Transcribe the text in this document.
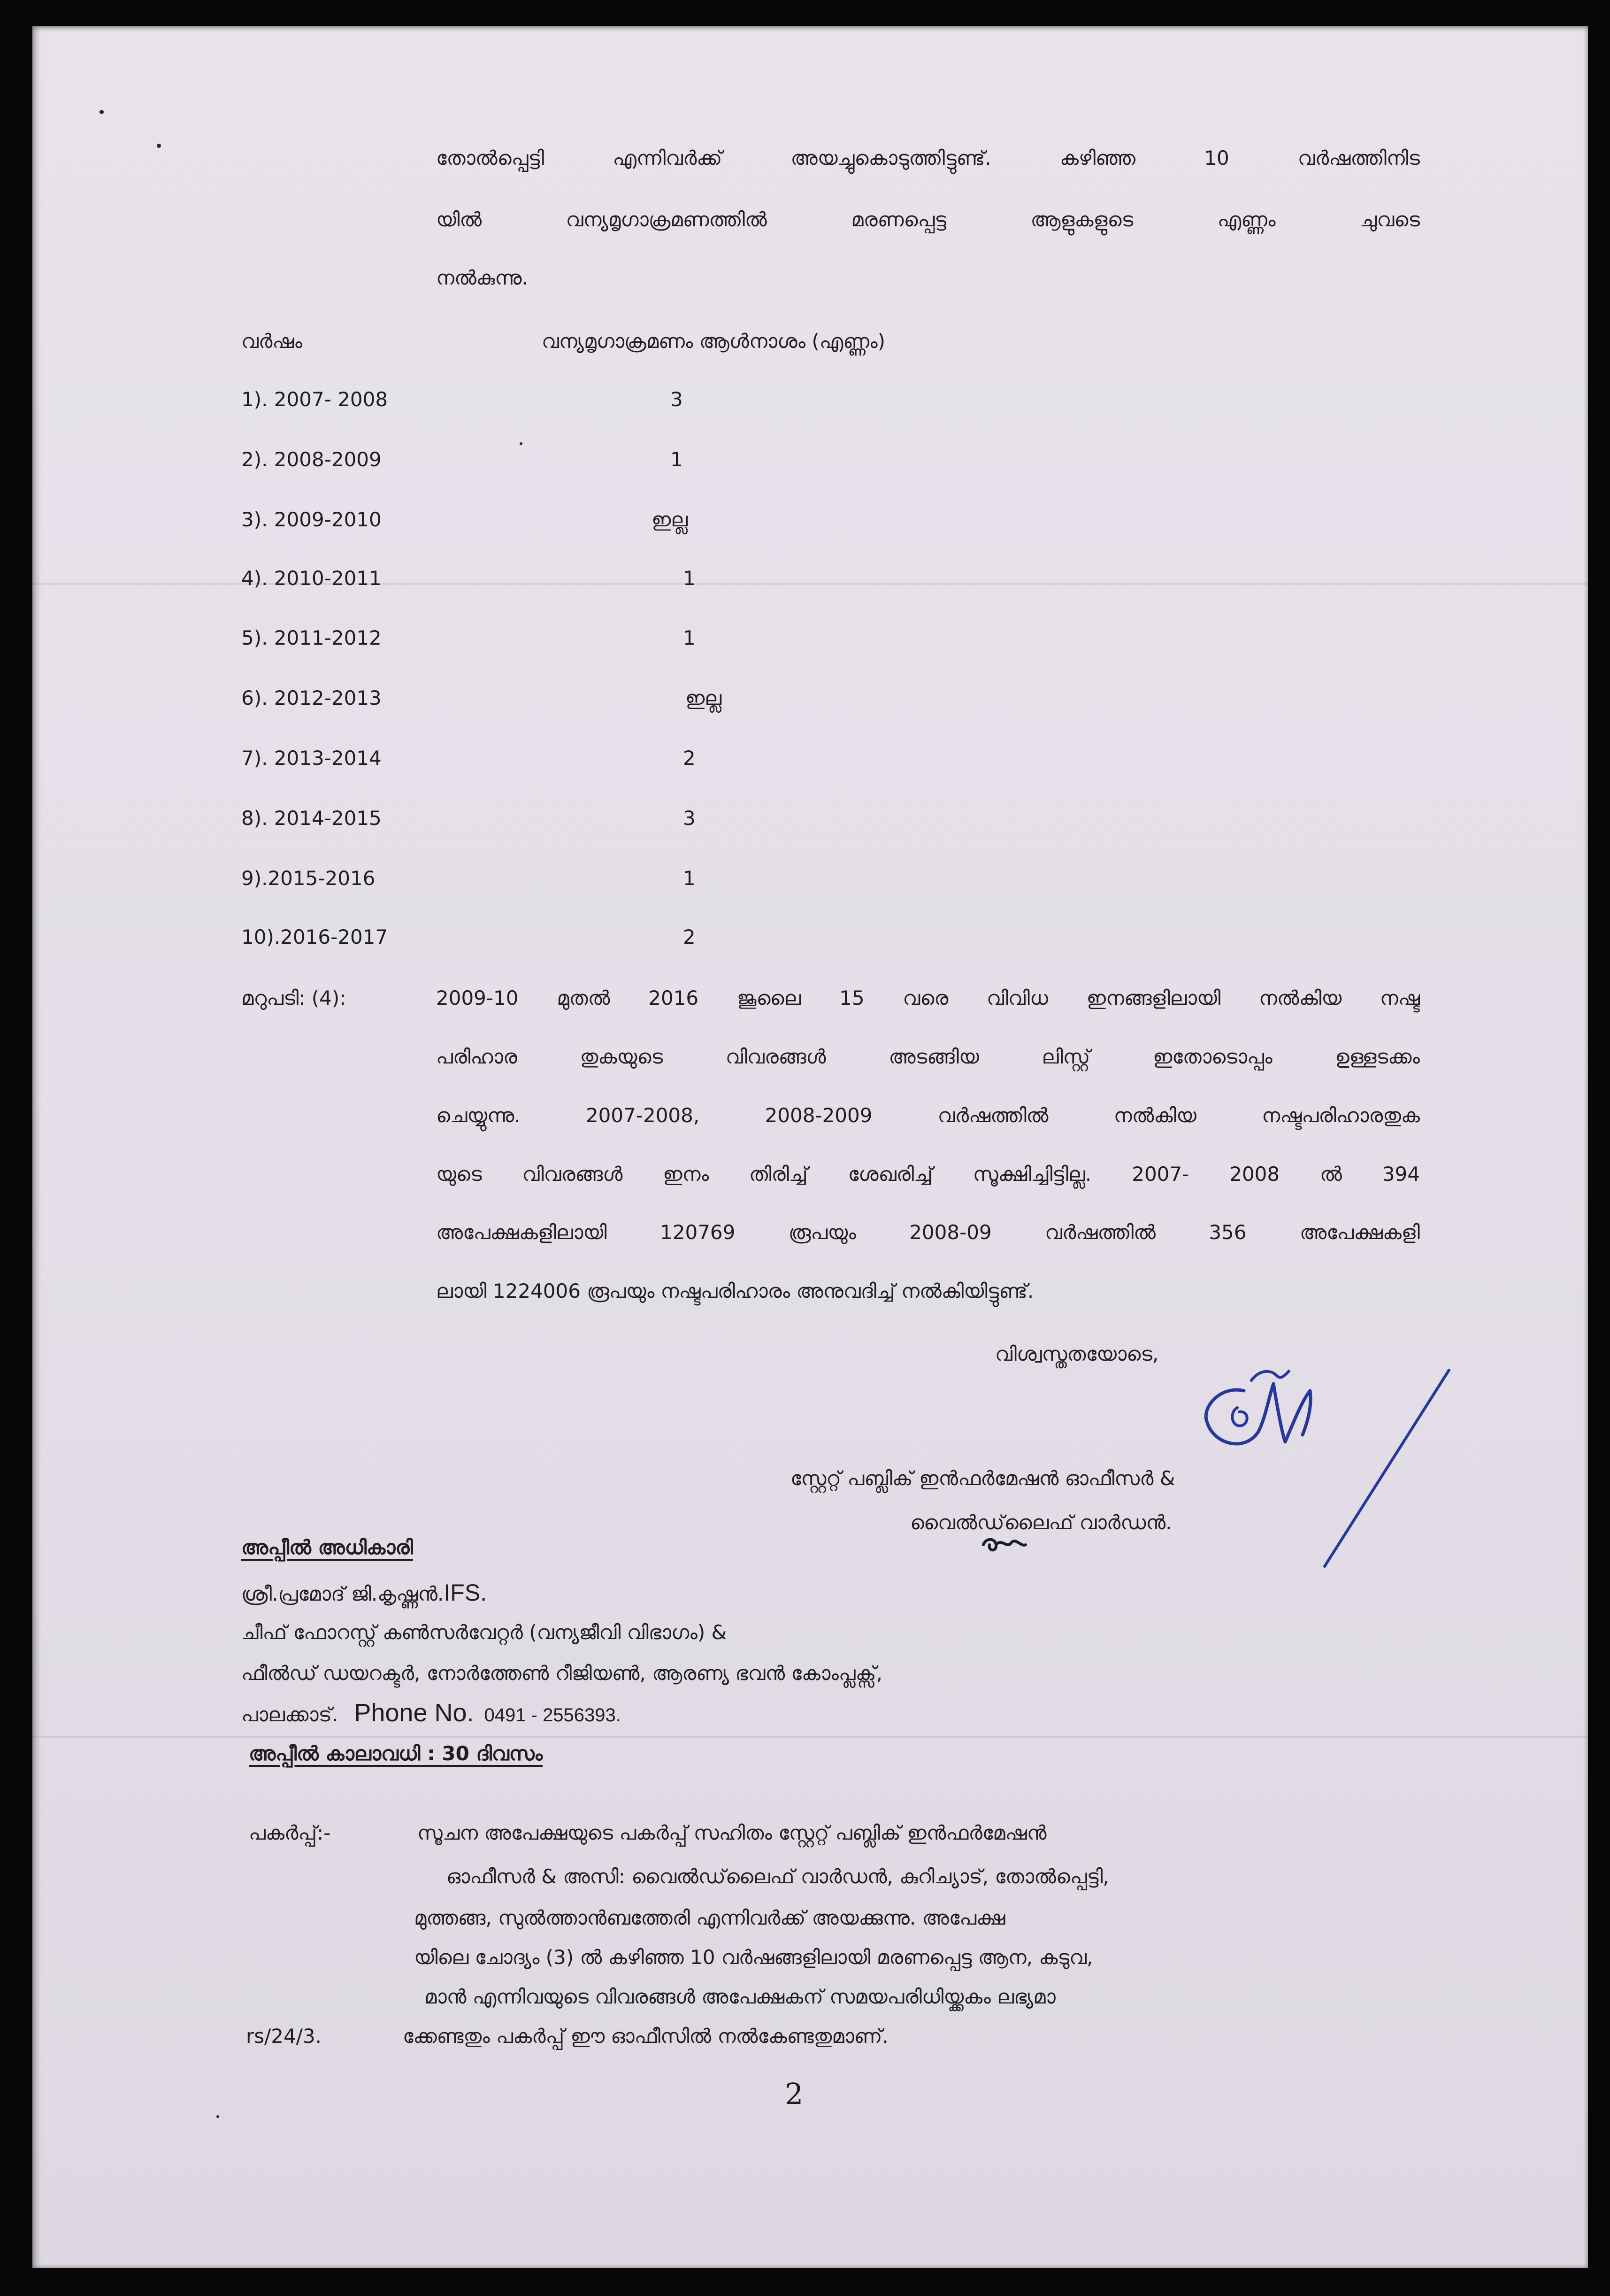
തോൽപ്പെട്ടി എന്നിവർക്ക് അയച്ചുകൊടുത്തിട്ടുണ്ട്. കഴിഞ്ഞ 10 വർഷത്തിനിട
യിൽ വന്യമൃഗാക്രമണത്തിൽ മരണപ്പെട്ട ആളുകളുടെ എണ്ണം ചുവടെ
നൽകുന്നു.
വർഷം	വന്യമൃഗാക്രമണം ആൾനാശം (എണ്ണം)
1). 2007- 2008	3
2). 2008-2009	1
3). 2009-2010	ഇല്ല
4). 2010-2011	1
5). 2011-2012	1
6). 2012-2013	ഇല്ല
7). 2013-2014	2
8). 2014-2015	3
9).2015-2016	1
10).2016-2017	2
മറുപടി: (4):	2009-10 മുതൽ 2016 ജൂലൈ 15 വരെ വിവിധ ഇനങ്ങളിലായി നൽകിയ നഷ്ട
പരിഹാര തുകയുടെ വിവരങ്ങൾ അടങ്ങിയ ലിസ്റ്റ് ഇതോടൊപ്പം ഉള്ളടക്കം
ചെയ്യുന്നു. 2007-2008, 2008-2009 വർഷത്തിൽ നൽകിയ നഷ്ടപരിഹാരതുക
യുടെ വിവരങ്ങൾ ഇനം തിരിച്ച് ശേഖരിച്ച് സൂക്ഷിച്ചിട്ടില്ല. 2007- 2008 ൽ 394
അപേക്ഷകളിലായി 120769 രൂപയും 2008-09 വർഷത്തിൽ 356 അപേക്ഷകളി
ലായി 1224006 രൂപയും നഷ്ടപരിഹാരം അനുവദിച്ച് നൽകിയിട്ടുണ്ട്.
വിശ്വസ്തതയോടെ,
സ്റ്റേറ്റ് പബ്ലിക് ഇൻഫർമേഷൻ ഓഫീസർ &
വൈൽഡ്‌ലൈഫ് വാർഡൻ.
അപ്പീൽ അധികാരി
ശ്രീ.പ്രമോദ് ജി.കൃഷ്ണൻ.IFS.
ചീഫ് ഫോറസ്റ്റ് കൺസർവേറ്റർ (വന്യജീവി വിഭാഗം) &
ഫീൽഡ് ഡയറക്ടർ, നോർത്തേൺ റീജിയൺ, ആരണ്യ ഭവൻ കോംപ്ലക്സ്,
പാലക്കാട്. Phone No. 0491 - 2556393.
അപ്പീൽ കാലാവധി : 30 ദിവസം
പകർപ്പ്:-	സൂചന അപേക്ഷയുടെ പകർപ്പ് സഹിതം സ്റ്റേറ്റ് പബ്ലിക് ഇൻഫർമേഷൻ
ഓഫീസർ & അസി: വൈൽഡ്‌ലൈഫ് വാർഡൻ, കുറിച്യാട്, തോൽപ്പെട്ടി,
മുത്തങ്ങ, സുൽത്താൻബത്തേരി എന്നിവർക്ക് അയക്കുന്നു. അപേക്ഷ
യിലെ ചോദ്യം (3) ൽ കഴിഞ്ഞ 10 വർഷങ്ങളിലായി മരണപ്പെട്ട ആന, കടുവ,
മാൻ എന്നിവയുടെ വിവരങ്ങൾ അപേക്ഷകന് സമയപരിധിയ്ക്കകം ലഭ്യമാ
rs/24/3.	ക്കേണ്ടതും പകർപ്പ് ഈ ഓഫീസിൽ നൽകേണ്ടതുമാണ്.
2
